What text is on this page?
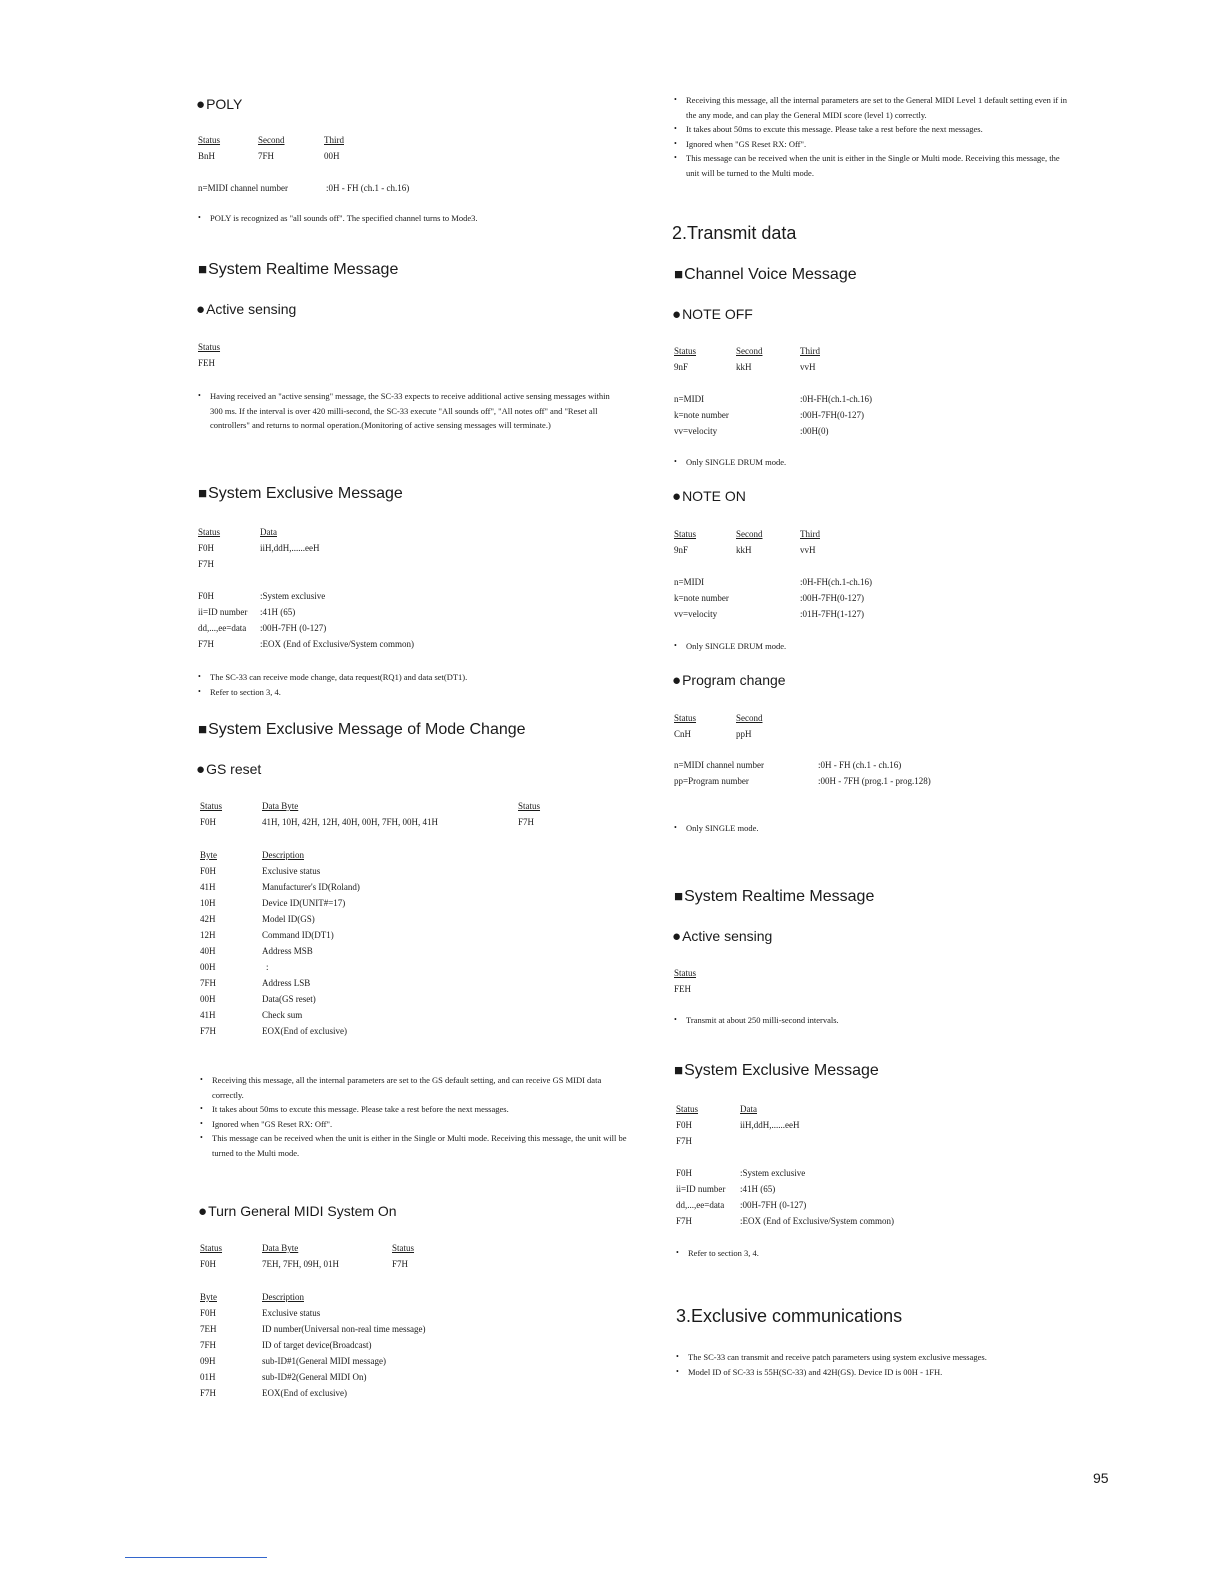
●POLY
Status	Second	Third
BnH	7FH	00H
n=MIDI channel number	:0H - FH (ch.1 - ch.16)
• POLY is recognized as "all sounds off". The specified channel turns to Mode3.
■System Realtime Message
●Active sensing
Status
FEH
• Having received an "active sensing" message, the SC-33 expects to receive additional active sensing messages within 300 ms. If the interval is over 420 milli-second, the SC-33 execute "All sounds off", "All notes off" and "Reset all controllers" and returns to normal operation.(Monitoring of active sensing messages will terminate.)
■System Exclusive Message
Status	Data
F0H	iiH,ddH,......eeH
F7H
F0H	:System exclusive
ii=ID number :41H (65)
dd,...,ee=data :00H-7FH (0-127)
F7H	:EOX (End of Exclusive/System common)
• The SC-33 can receive mode change, data request(RQ1) and data set(DT1).
• Refer to section 3, 4.
■System Exclusive Message of Mode Change
●GS reset
Status	Data Byte	Status
F0H	41H, 10H, 42H, 12H, 40H, 00H, 7FH, 00H, 41H	F7H
Byte	Description
F0H	Exclusive status
41H	Manufacturer's ID(Roland)
10H	Device ID(UNIT#=17)
42H	Model ID(GS)
12H	Command ID(DT1)
40H	Address MSB
00H	:
7FH	Address LSB
00H	Data(GS reset)
41H	Check sum
F7H	EOX(End of exclusive)
• Receiving this message, all the internal parameters are set to the GS default setting, and can receive GS MIDI data correctly.
• It takes about 50ms to excute this message. Please take a rest before the next messages.
• Ignored when "GS Reset RX: Off".
• This message can be received when the unit is either in the Single or Multi mode. Receiving this message, the unit will be turned to the Multi mode.
●Turn General MIDI System On
Status	Data Byte	Status
F0H	7EH, 7FH, 09H, 01H	F7H
Byte	Description
F0H	Exclusive status
7EH	ID number(Universal non-real time message)
7FH	ID of target device(Broadcast)
09H	sub-ID#1(General MIDI message)
01H	sub-ID#2(General MIDI On)
F7H	EOX(End of exclusive)
• Receiving this message, all the internal parameters are set to the General MIDI Level 1 default setting even if in the any mode, and can play the General MIDI score (level 1) correctly.
• It takes about 50ms to excute this message. Please take a rest before the next messages.
• Ignored when "GS Reset RX: Off".
• This message can be received when the unit is either in the Single or Multi mode. Receiving this message, the unit will be turned to the Multi mode.
2.Transmit data
■Channel Voice Message
●NOTE OFF
Status	Second	Third
9nF	kkH	vvH
n=MIDI	:0H-FH(ch.1-ch.16)
k=note number	:00H-7FH(0-127)
vv=velocity	:00H(0)
• Only SINGLE DRUM mode.
●NOTE ON
Status	Second	Third
9nF	kkH	vvH
n=MIDI	:0H-FH(ch.1-ch.16)
k=note number	:00H-7FH(0-127)
vv=velocity	:01H-7FH(1-127)
• Only SINGLE DRUM mode.
●Program change
Status	Second
CnH	ppH
n=MIDI channel number	:0H - FH (ch.1 - ch.16)
pp=Program number	:00H - 7FH (prog.1 - prog.128)
• Only SINGLE mode.
■System Realtime Message
●Active sensing
Status
FEH
• Transmit at about 250 milli-second intervals.
■System Exclusive Message
Status	Data
F0H	iiH,ddH,......eeH
F7H
F0H	:System exclusive
ii=ID number :41H (65)
dd,...,ee=data :00H-7FH (0-127)
F7H	:EOX (End of Exclusive/System common)
• Refer to section 3, 4.
3.Exclusive communications
• The SC-33 can transmit and receive patch parameters using system exclusive messages.
• Model ID of SC-33 is 55H(SC-33) and 42H(GS). Device ID is 00H - 1FH.
95
